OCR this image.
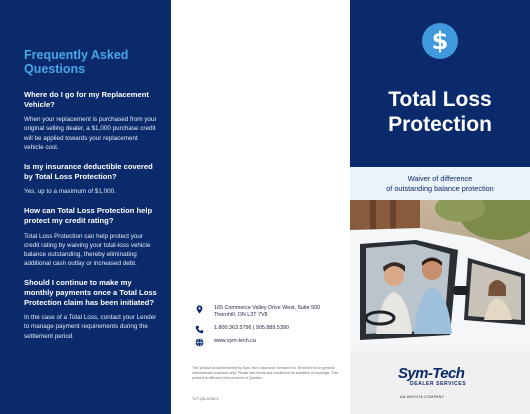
Frequently Asked Questions

Where do I go for my Replacement Vehicle?

When your replacement is purchased from your original selling dealer, a $1,000 purchase credit will be applied towards your replacement vehicle cost.

Is my insurance deductible covered by Total Loss Protection?

Yes, up to a maximum of $1,000.

How can Total Loss Protection help protect my credit rating?

Total Loss Protection can help protect your credit rating by waiving your total-loss vehicle balance outstanding, thereby eliminating additional cash outlay or increased debt.

Should I continue to make my monthly payments once a Total Loss Protection claim has been initiated?

In the case of a Total Loss, contact your Lender to manage payment requirements during the settlement period.

165 Commerce Valley Drive West, Suite 500
Thornhill, ON L3T 7V8
1.800.363.5796 | 905.889.5390
www.sym-tech.ca
$
Total Loss
Protection
Waiver of difference
of outstanding balance protection

This product is administered by Sym-Tech Insurance Services Inc. Brochure is for general informational purposes only. Please see terms and conditions for specifics of coverage. This product is offered in the province of Quebec.

TLP-QB-2026C0

Sym-Tech
DEALER SERVICES
AN AMYNTA COMPANY
